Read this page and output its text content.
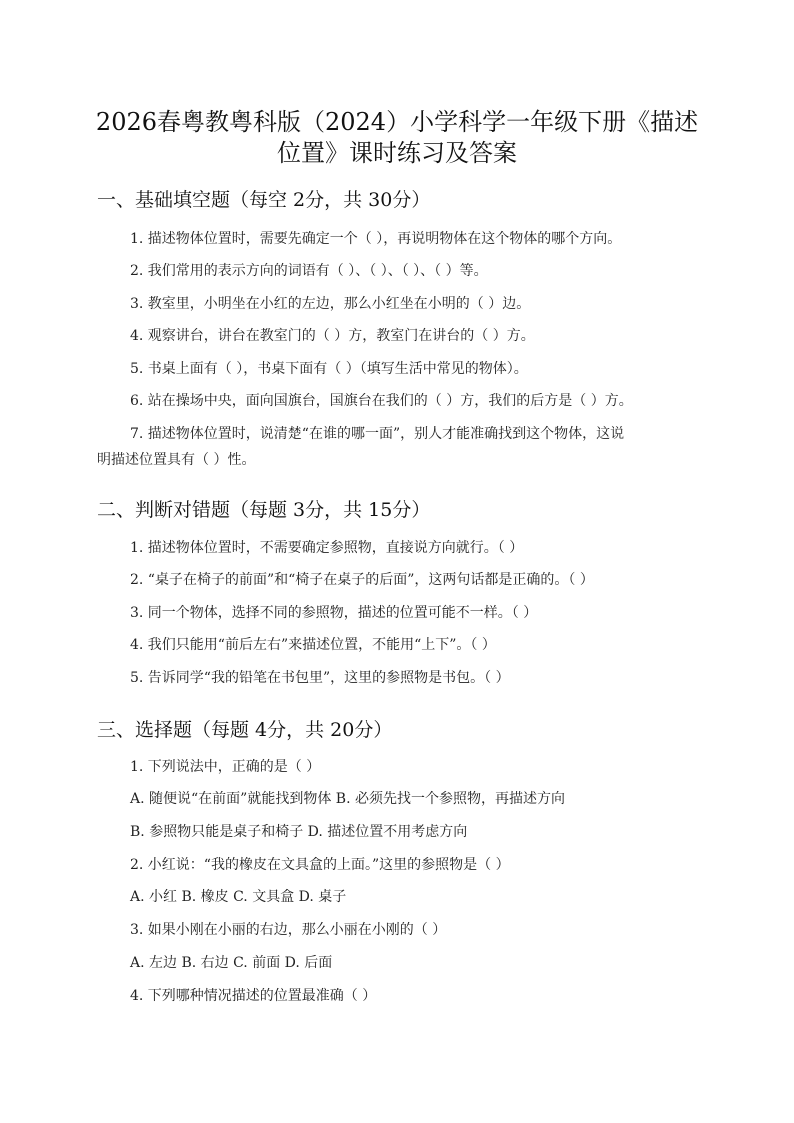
2026春粤教粤科版（2024）小学科学一年级下册《描述
位置》课时练习及答案
一、基础填空题（每空 2分，共 30分）
1. 描述物体位置时，需要先确定一个（ ），再说明物体在这个物体的哪个方向。
2. 我们常用的表示方向的词语有（ ）、（ ）、（ ）、（ ）等。
3. 教室里，小明坐在小红的左边，那么小红坐在小明的（ ）边。
4. 观察讲台，讲台在教室门的（ ）方，教室门在讲台的（ ）方。
5. 书桌上面有（ ），书桌下面有（ ）（填写生活中常见的物体）。
6. 站在操场中央，面向国旗台，国旗台在我们的（ ）方，我们的后方是（ ）方。
7. 描述物体位置时，说清楚“在谁的哪一面”，别人才能准确找到这个物体，这说
明描述位置具有（ ）性。
二、判断对错题（每题 3分，共 15分）
1. 描述物体位置时，不需要确定参照物，直接说方向就行。（ ）
2. “桌子在椅子的前面”和“椅子在桌子的后面”，这两句话都是正确的。（ ）
3. 同一个物体，选择不同的参照物，描述的位置可能不一样。（ ）
4. 我们只能用“前后左右”来描述位置，不能用“上下”。（ ）
5. 告诉同学“我的铅笔在书包里”，这里的参照物是书包。（ ）
三、选择题（每题 4分，共 20分）
1. 下列说法中，正确的是（ ）
A. 随便说“在前面”就能找到物体 B. 必须先找一个参照物，再描述方向
B. 参照物只能是桌子和椅子 D. 描述位置不用考虑方向
2. 小红说：“我的橡皮在文具盒的上面。”这里的参照物是（ ）
A. 小红 B. 橡皮 C. 文具盒 D. 桌子
3. 如果小刚在小丽的右边，那么小丽在小刚的（ ）
A. 左边 B. 右边 C. 前面 D. 后面
4. 下列哪种情况描述的位置最准确（ ）
